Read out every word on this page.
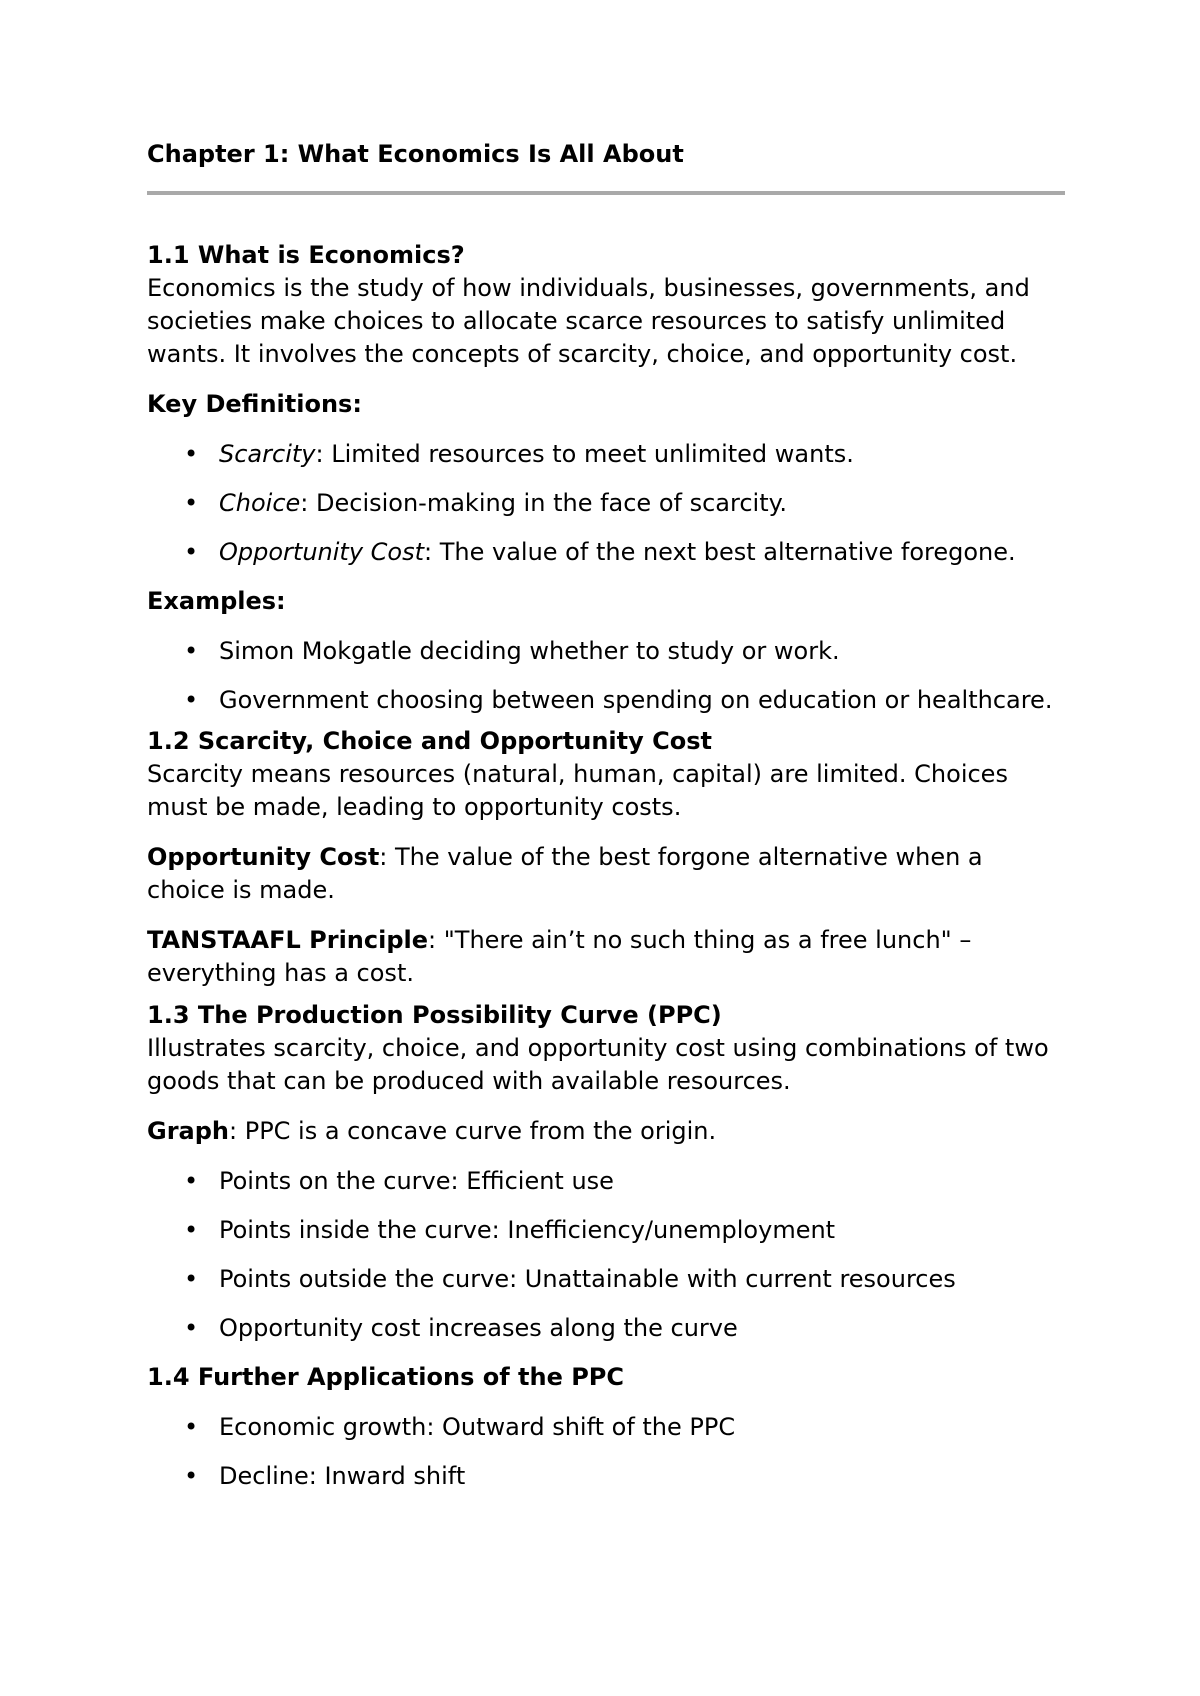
Chapter 1: What Economics Is All About
1.1 What is Economics?

Economics is the study of how individuals, businesses, governments, and societies make choices to allocate scarce resources to satisfy unlimited wants. It involves the concepts of scarcity, choice, and opportunity cost.

Key Definitions:

• Scarcity: Limited resources to meet unlimited wants.
• Choice: Decision-making in the face of scarcity.
• Opportunity Cost: The value of the next best alternative foregone.

Examples:

• Simon Mokgatle deciding whether to study or work.
• Government choosing between spending on education or healthcare.
1.2 Scarcity, Choice and Opportunity Cost

Scarcity means resources (natural, human, capital) are limited. Choices must be made, leading to opportunity costs.

Opportunity Cost: The value of the best forgone alternative when a choice is made.

TANSTAAFL Principle: "There ain’t no such thing as a free lunch" – everything has a cost.

1.3 The Production Possibility Curve (PPC)

Illustrates scarcity, choice, and opportunity cost using combinations of two goods that can be produced with available resources.

Graph: PPC is a concave curve from the origin.

• Points on the curve: Efficient use
• Points inside the curve: Inefficiency/unemployment
• Points outside the curve: Unattainable with current resources
• Opportunity cost increases along the curve

1.4 Further Applications of the PPC

• Economic growth: Outward shift of the PPC
• Decline: Inward shift
